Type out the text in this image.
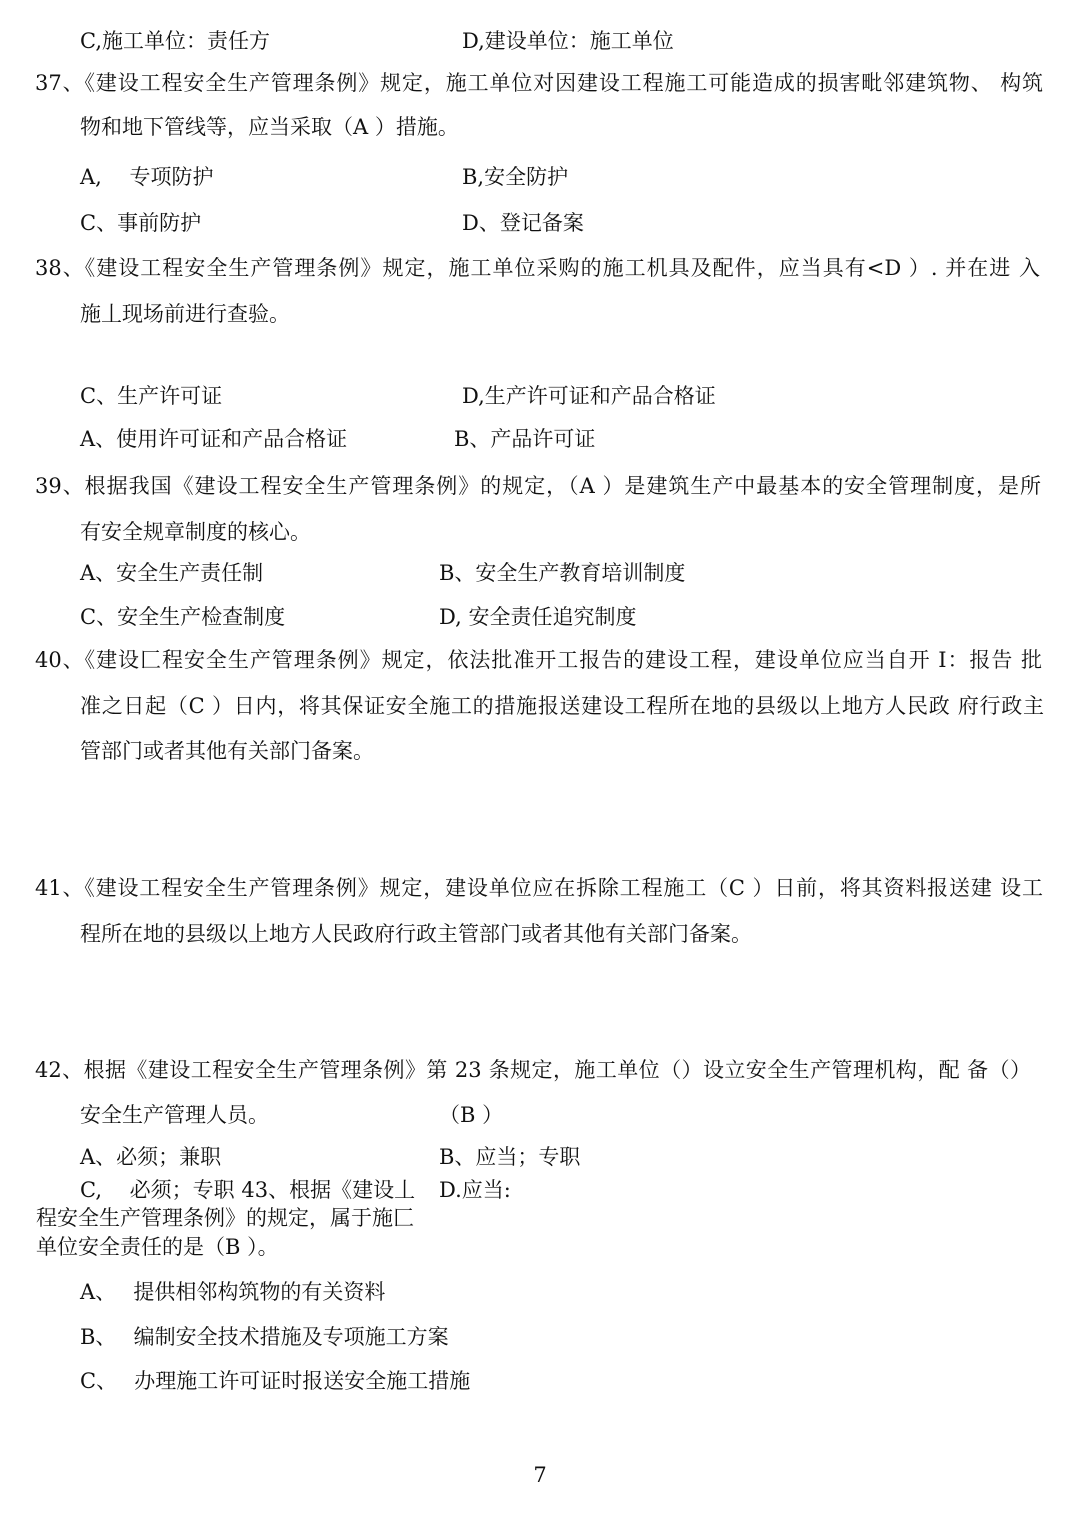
C,施工单位：责任方	D,建设单位：施工单位
37、《建设工程安全生产管理条例》规定，施工单位对因建设工程施工可能造成的损害毗邻建筑物、 构筑
物和地下管线等，应当采取（A ）措施。
A,　 专项防护	B,安全防护
C、事前防护	D、登记备案
38、《建设工程安全生产管理条例》规定，施工单位采购的施工机具及配件，应当具有<D ）. 并在进 入
施丄现场前进行查验。
C、生产许可证	D,生产许可证和产品合格证
A、使用许可证和产品合格证	B、产品许可证
39、根据我国《建设工程安全生产管理条例》的规定，（A ）是建筑生产中最基本的安全管理制度，是所
有安全规章制度的核心。
A、安全生产责任制	B、安全生产教育培训制度
C、安全生产检查制度	D, 安全责任追究制度
40、《建设匚程安全生产管理条例》规定，依法批准开工报告的建设工程，建设单位应当自开 I：报告 批
准之日起（C ）日内，将其保证安全施工的措施报送建设工程所在地的县级以上地方人民政 府行政主
管部门或者其他有关部门备案。
41、《建设工程安全生产管理条例》规定，建设单位应在拆除工程施工（C ）日前，将其资料报送建 设工
程所在地的县级以上地方人民政府行政主管部门或者其他有关部门备案。
42、根据《建设工程安全生产管理条例》第 23 条规定，施工单位（）设立安全生产管理机构，配 备（）
安全生产管理人员。	（B ）
A、必须；兼职	B、应当；专职
C,　 必须；专职 43、根据《建设丄 D.应当:
程安全生产管理条例》的规定，属于施匚
单位安全责任的是（B ）。
A、　 提供相邻构筑物的有关资料
B、　 编制安全技术措施及专项施工方案
C、　 办理施工许可证时报送安全施工措施
7
